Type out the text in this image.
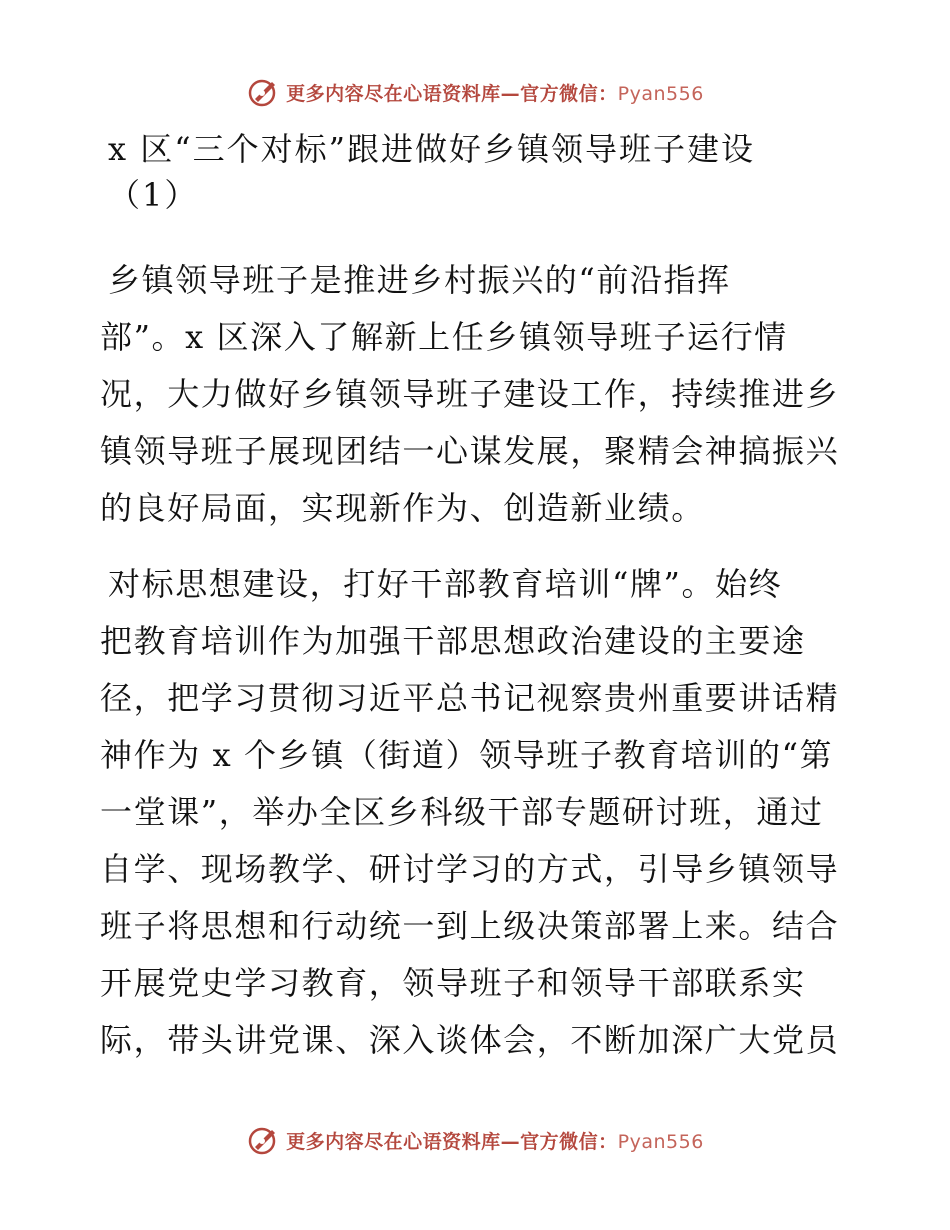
更多内容尽在心语资料库—官方微信：Pyan556
x 区“三个对标”跟进做好乡镇领导班子建设
（1）
乡镇领导班子是推进乡村振兴的“前沿指挥
部”。x 区深入了解新上任乡镇领导班子运行情
况，大力做好乡镇领导班子建设工作，持续推进乡
镇领导班子展现团结一心谋发展，聚精会神搞振兴
的良好局面，实现新作为、创造新业绩。
对标思想建设，打好干部教育培训“牌”。始终
把教育培训作为加强干部思想政治建设的主要途
径，把学习贯彻习近平总书记视察贵州重要讲话精
神作为 x 个乡镇（街道）领导班子教育培训的“第
一堂课”，举办全区乡科级干部专题研讨班，通过
自学、现场教学、研讨学习的方式，引导乡镇领导
班子将思想和行动统一到上级决策部署上来。结合
开展党史学习教育，领导班子和领导干部联系实
际，带头讲党课、深入谈体会，不断加深广大党员
更多内容尽在心语资料库—官方微信：Pyan556
